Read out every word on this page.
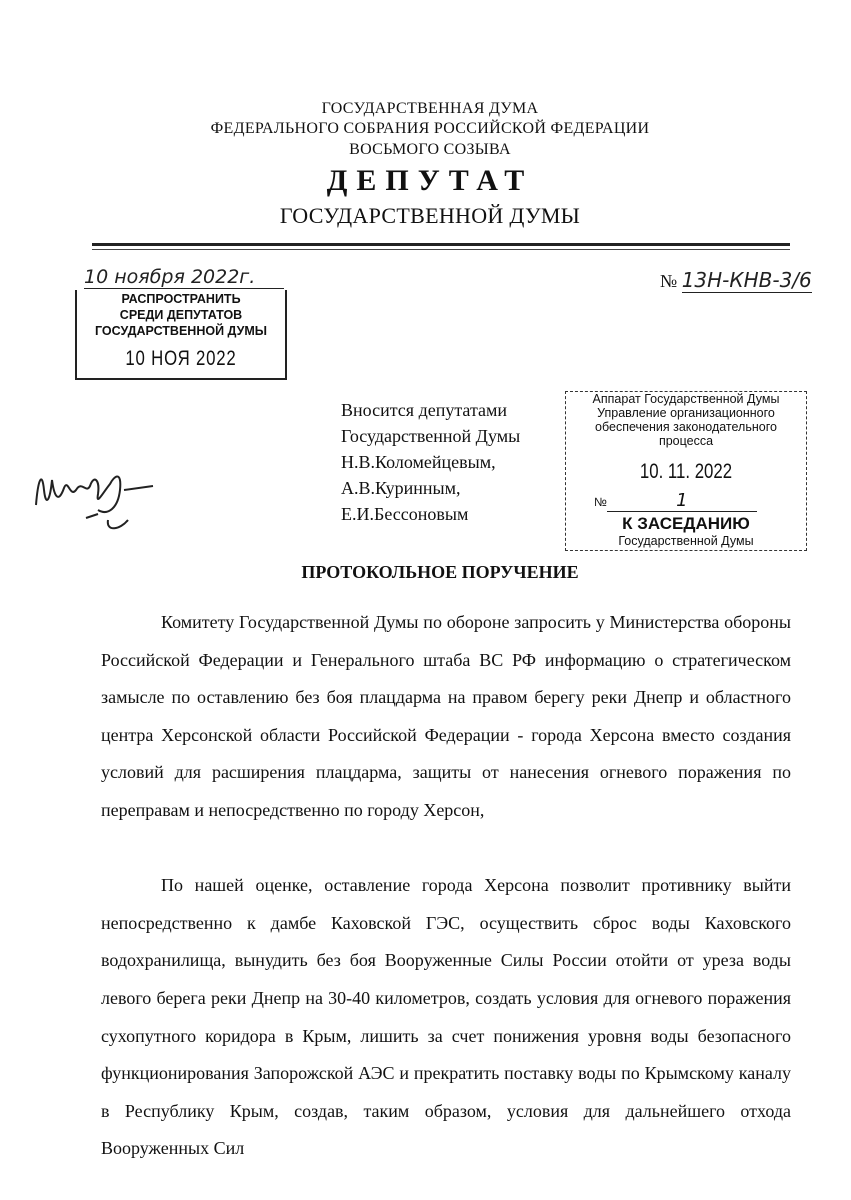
ГОСУДАРСТВЕННАЯ ДУМА
ФЕДЕРАЛЬНОГО СОБРАНИЯ РОССИЙСКОЙ ФЕДЕРАЦИИ
ВОСЬМОГО СОЗЫВА
ДЕПУТАТ
ГОСУДАРСТВЕННОЙ ДУМЫ
10 ноября 2022г.	№ 13Н-КНВ-3/6
РАСПРОСТРАНИТЬ
СРЕДИ ДЕПУТАТОВ
ГОСУДАРСТВЕННОЙ ДУМЫ
10 НОЯ 2022
Вносится депутатами Государственной Думы
Н.В.Коломейцевым,
А.В.Куринным,
Е.И.Бессоновым
Аппарат Государственной Думы
Управление организационного
обеспечения законодательного
процесса
10. 11. 2022
№	1
К ЗАСЕДАНИЮ
Государственной Думы
ПРОТОКОЛЬНОЕ ПОРУЧЕНИЕ

Комитету Государственной Думы по обороне запросить у Министерства обороны Российской Федерации и Генерального штаба ВС РФ информацию о стратегическом замысле по оставлению без боя плацдарма на правом берегу реки Днепр и областного центра Херсонской области Российской Федерации - города Херсона вместо создания условий для расширения плацдарма, защиты от нанесения огневого поражения по переправам и непосредственно по городу Херсон,

По нашей оценке, оставление города Херсона позволит противнику выйти непосредственно к дамбе Каховской ГЭС, осуществить сброс воды Каховского водохранилища, вынудить без боя Вооруженные Силы России отойти от уреза воды левого берега реки Днепр на 30-40 километров, создать условия для огневого поражения сухопутного коридора в Крым, лишить за счет понижения уровня воды безопасного функционирования Запорожской АЭС и прекратить поставку воды по Крымскому каналу в Республику Крым, создав, таким образом, условия для дальнейшего отхода Вооруженных Сил
